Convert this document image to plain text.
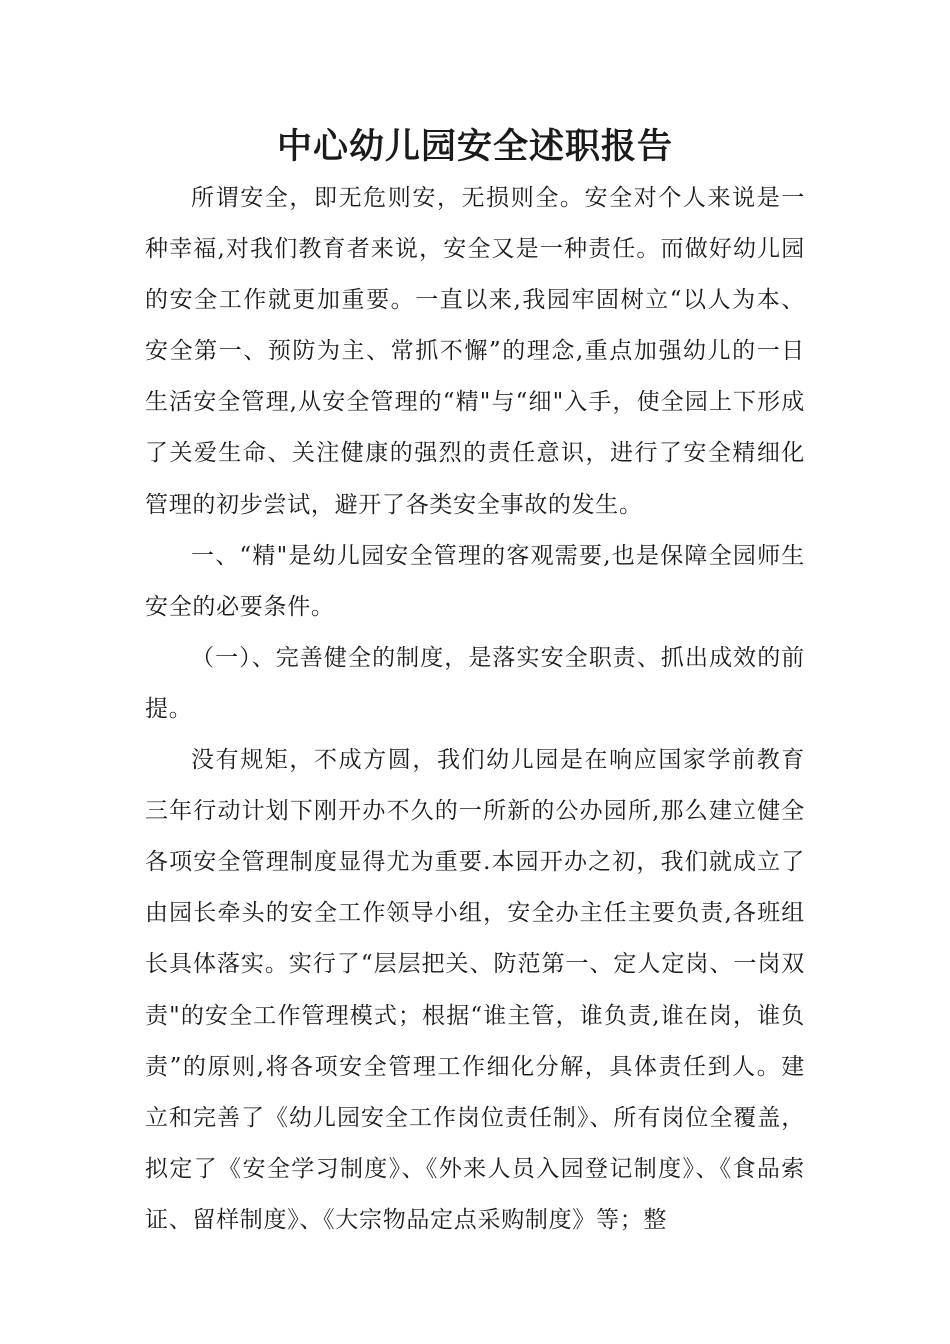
中心幼儿园安全述职报告

所谓安全，即无危则安，无损则全。安全对个人来说是一种幸福,对我们教育者来说，安全又是一种责任。而做好幼儿园的安全工作就更加重要。一直以来,我园牢固树立“以人为本、安全第一、预防为主、常抓不懈”的理念,重点加强幼儿的一日生活安全管理,从安全管理的“精"与“细"入手，使全园上下形成了关爱生命、关注健康的强烈的责任意识，进行了安全精细化管理的初步尝试，避开了各类安全事故的发生。

一、“精"是幼儿园安全管理的客观需要,也是保障全园师生安全的必要条件。

（一）、完善健全的制度，是落实安全职责、抓出成效的前提。

没有规矩，不成方圆，我们幼儿园是在响应国家学前教育三年行动计划下刚开办不久的一所新的公办园所,那么建立健全各项安全管理制度显得尤为重要.本园开办之初，我们就成立了由园长牵头的安全工作领导小组，安全办主任主要负责,各班组长具体落实。实行了“层层把关、防范第一、定人定岗、一岗双责"的安全工作管理模式；根据“谁主管，谁负责,谁在岗，谁负责”的原则,将各项安全管理工作细化分解，具体责任到人。建立和完善了《幼儿园安全工作岗位责任制》、所有岗位全覆盖，拟定了《安全学习制度》、《外来人员入园登记制度》、《食品索证、留样制度》、《大宗物品定点采购制度》等；整
